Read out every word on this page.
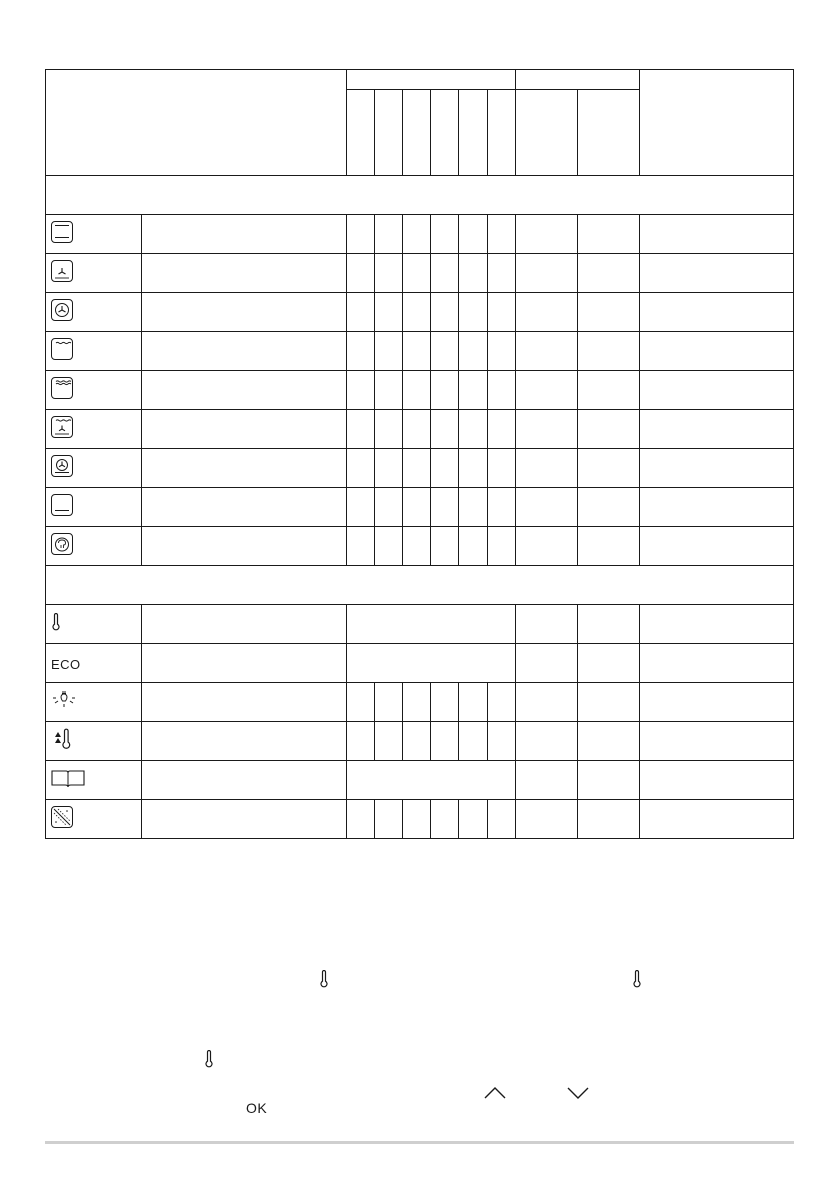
ECO										

OK
